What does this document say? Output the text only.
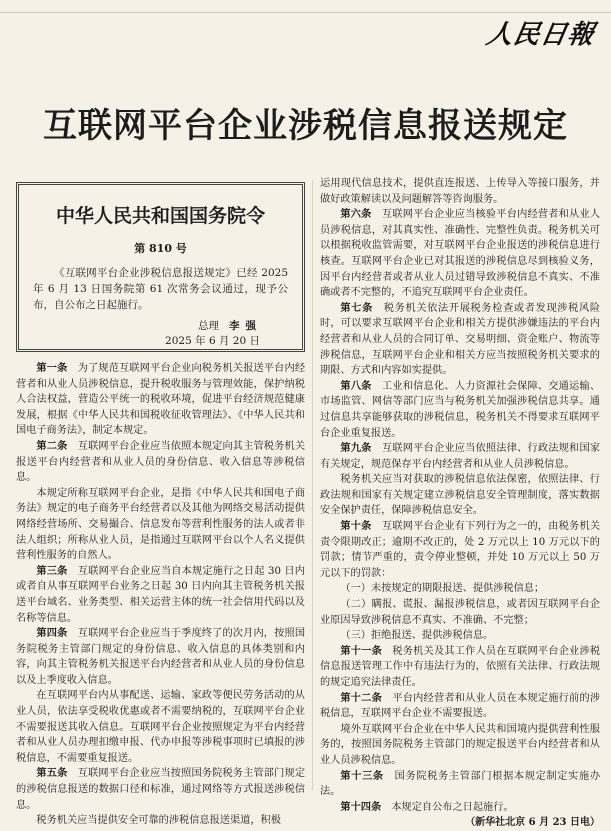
人民日報
互联网平台企业涉税信息报送规定
中华人民共和国国务院令
第 810 号
《互联网平台企业涉税信息报送规定》已经 2025 年 6 月 13 日国务院第 61 次常务会议通过，现予公布，自公布之日起施行。
总理 李强
2025 年 6 月 20 日

第一条　 为了规范互联网平台企业向税务机关报送平台内经营者和从业人员涉税信息，提升税收服务与管理效能，保护纳税人合法权益，营造公平统一的税收环境，促进平台经济规范健康发展，根据《中华人民共和国税收征收管理法》、《中华人民共和国电子商务法》，制定本规定。

第二条　 互联网平台企业应当依照本规定向其主管税务机关报送平台内经营者和从业人员的身份信息、收入信息等涉税信息。

本规定所称互联网平台企业，是指《中华人民共和国电子商务法》规定的电子商务平台经营者以及其他为网络交易活动提供网络经营场所、交易撮合、信息发布等营利性服务的法人或者非法人组织；所称从业人员，是指通过互联网平台以个人名义提供营利性服务的自然人。

第三条　 互联网平台企业应当自本规定施行之日起 30 日内或者自从事互联网平台业务之日起 30 日内向其主管税务机关报送平台域名、业务类型、相关运营主体的统一社会信用代码以及名称等信息。

第四条　 互联网平台企业应当于季度终了的次月内，按照国务院税务主管部门规定的身份信息、收入信息的具体类别和内容，向其主管税务机关报送平台内经营者和从业人员的身份信息以及上季度收入信息。

在互联网平台内从事配送、运输、家政等便民劳务活动的从业人员，依法享受税收优惠或者不需要纳税的，互联网平台企业不需要报送其收入信息。互联网平台企业按照规定为平台内经营者和从业人员办理扣缴申报、代办申报等涉税事项时已填报的涉税信息，不需要重复报送。

第五条　 互联网平台企业应当按照国务院税务主管部门规定的涉税信息报送的数据口径和标准，通过网络等方式报送涉税信息。

税务机关应当提供安全可靠的涉税信息报送渠道，积极

运用现代信息技术，提供直连报送、上传导入等接口服务，并做好政策解读以及问题解答等咨询服务。

第六条　 互联网平台企业应当核验平台内经营者和从业人员涉税信息，对其真实性、准确性、完整性负责。税务机关可以根据税收监管需要，对互联网平台企业报送的涉税信息进行核查。互联网平台企业已对其报送的涉税信息尽到核验义务，因平台内经营者或者从业人员过错导致涉税信息不真实、不准确或者不完整的，不追究互联网平台企业责任。

第七条　 税务机关依法开展税务检查或者发现涉税风险时，可以要求互联网平台企业和相关方提供涉嫌违法的平台内经营者和从业人员的合同订单、交易明细、资金账户、物流等涉税信息，互联网平台企业和相关方应当按照税务机关要求的期限、方式和内容如实提供。

第八条　 工业和信息化、人力资源社会保障、交通运输、市场监管、网信等部门应当与税务机关加强涉税信息共享。通过信息共享能够获取的涉税信息，税务机关不得要求互联网平台企业重复报送。

第九条　 互联网平台企业应当依照法律、行政法规和国家有关规定，规范保存平台内经营者和从业人员涉税信息。

税务机关应当对获取的涉税信息依法保密，依照法律、行政法规和国家有关规定建立涉税信息安全管理制度，落实数据安全保护责任，保障涉税信息安全。

第十条　 互联网平台企业有下列行为之一的，由税务机关责令限期改正；逾期不改正的，处 2 万元以上 10 万元以下的罚款；情节严重的，责令停业整顿，并处 10 万元以上 50 万元以下的罚款：

（一）未按规定的期限报送、提供涉税信息；

（二）瞒报、谎报、漏报涉税信息，或者因互联网平台企业原因导致涉税信息不真实、不准确、不完整；

（三）拒绝报送、提供涉税信息。

第十一条　 税务机关及其工作人员在互联网平台企业涉税信息报送管理工作中有违法行为的，依照有关法律、行政法规的规定追究法律责任。

第十二条　 平台内经营者和从业人员在本规定施行前的涉税信息，互联网平台企业不需要报送。

境外互联网平台企业在中华人民共和国境内提供营利性服务的，按照国务院税务主管部门的规定报送平台内经营者和从业人员涉税信息。

第十三条　 国务院税务主管部门根据本规定制定实施办法。

第十四条　 本规定自公布之日起施行。

（新华社北京 6 月 23 日电）
